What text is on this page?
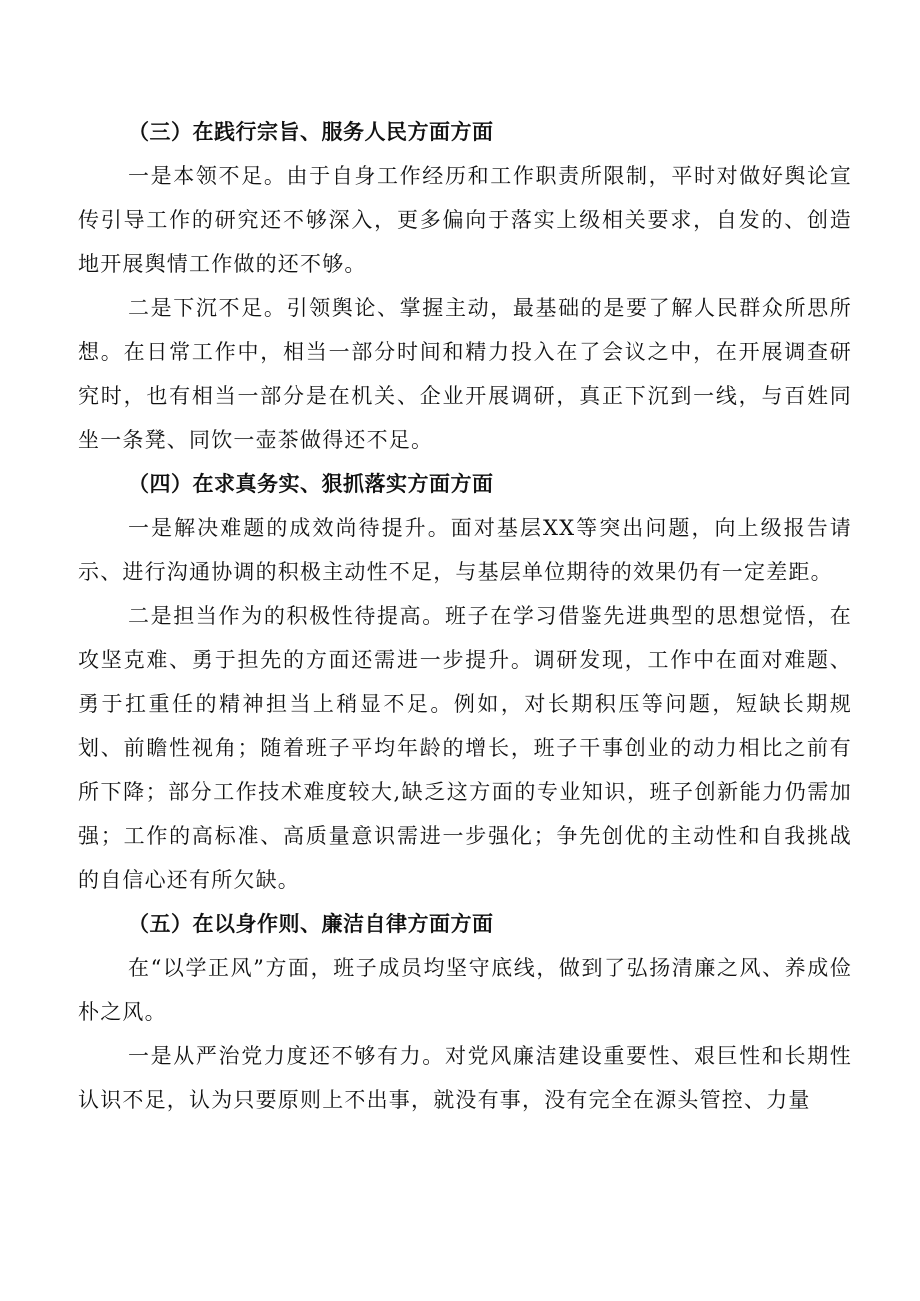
（三）在践行宗旨、服务人民方面方面

一是本领不足。由于自身工作经历和工作职责所限制，平时对做好舆论宣传引导工作的研究还不够深入，更多偏向于落实上级相关要求，自发的、创造地开展舆情工作做的还不够。

二是下沉不足。引领舆论、掌握主动，最基础的是要了解人民群众所思所想。在日常工作中，相当一部分时间和精力投入在了会议之中，在开展调查研究时，也有相当一部分是在机关、企业开展调研，真正下沉到一线，与百姓同坐一条凳、同饮一壶茶做得还不足。

（四）在求真务实、狠抓落实方面方面

一是解决难题的成效尚待提升。面对基层XX等突出问题，向上级报告请示、进行沟通协调的积极主动性不足，与基层单位期待的效果仍有一定差距。

二是担当作为的积极性待提高。班子在学习借鉴先进典型的思想觉悟，在攻坚克难、勇于担先的方面还需进一步提升。调研发现，工作中在面对难题、勇于扛重任的精神担当上稍显不足。例如，对长期积压等问题，短缺长期规划、前瞻性视角；随着班子平均年龄的增长，班子干事创业的动力相比之前有所下降；部分工作技术难度较大,缺乏这方面的专业知识，班子创新能力仍需加强；工作的高标准、高质量意识需进一步强化；争先创优的主动性和自我挑战的自信心还有所欠缺。

（五）在以身作则、廉洁自律方面方面

在“以学正风”方面，班子成员均坚守底线，做到了弘扬清廉之风、养成俭朴之风。

一是从严治党力度还不够有力。对党风廉洁建设重要性、艰巨性和长期性认识不足，认为只要原则上不出事，就没有事，没有完全在源头管控、力量
